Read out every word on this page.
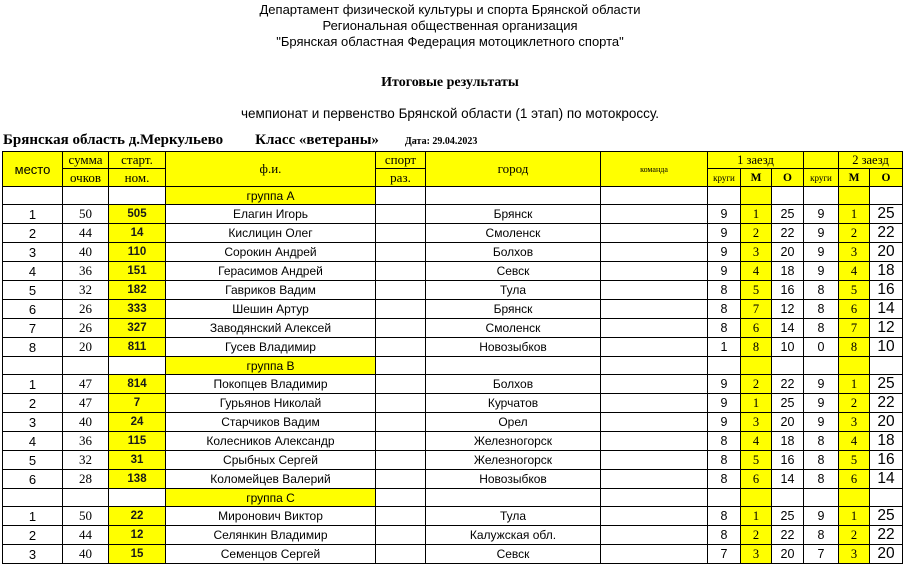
Департамент физической культуры и спорта Брянской области
Региональная общественная организация
"Брянская областная Федерация мотоциклетного спорта"
Итоговые результаты
чемпионат и первенство Брянской области (1 этап) по мотокроссу.
Брянская область д.Меркульево Класс «ветераны»	Дата: 29.04.2023
место	сумма	старт.	ф.и.	спорт	город	команда	1 заезд				2 заезд	
	очков	ном.		раз.			круги	М	О	круги	М	О
			группа А									
1	50	505	Елагин Игорь		Брянск		9	1	25	9	1	25
2	44	14	Кислицин Олег		Смоленск		9	2	22	9	2	22
3	40	110	Сорокин Андрей		Болхов		9	3	20	9	3	20
4	36	151	Герасимов Андрей		Севск		9	4	18	9	4	18
5	32	182	Гавриков Вадим		Тула		8	5	16	8	5	16
6	26	333	Шешин Артур		Брянск		8	7	12	8	6	14
7	26	327	Заводянский Алексей		Смоленск		8	6	14	8	7	12
8	20	811	Гусев Владимир		Новозыбков		1	8	10	0	8	10
			группа В									
1	47	814	Покопцев Владимир		Болхов		9	2	22	9	1	25
2	47	7	Гурьянов Николай		Курчатов		9	1	25	9	2	22
3	40	24	Старчиков Вадим		Орел		9	3	20	9	3	20
4	36	115	Колесников Александр		Железногорск		8	4	18	8	4	18
5	32	31	Срыбных Сергей		Железногорск		8	5	16	8	5	16
6	28	138	Коломейцев Валерий		Новозыбков		8	6	14	8	6	14
			группа С									
1	50	22	Миронович Виктор		Тула		8	1	25	9	1	25
2	44	12	Селянкин Владимир		Калужская обл.		8	2	22	8	2	22
3	40	15	Семенцов Сергей		Севск		7	3	20	7	3	20
